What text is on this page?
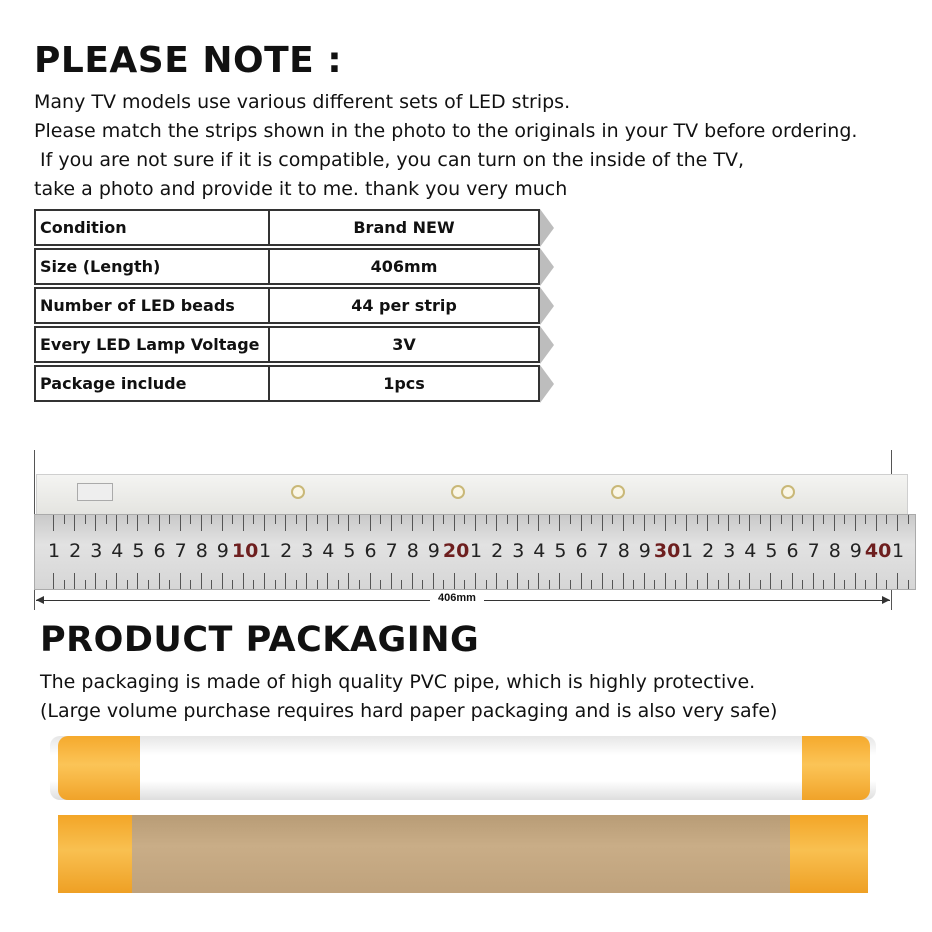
PLEASE NOTE :
Many TV models use various different sets of LED strips.
Please match the strips shown in the photo to the originals in your TV before ordering.
If you are not sure if it is compatible, you can turn on the inside of the TV,
take a photo and provide it to me. thank you very much
Condition	Brand NEW
Size (Length)	406mm
Number of LED beads	44 per strip
Every LED Lamp Voltage	3V
Package include	1pcs
1 2 3 4 5 6 7 8 9 10 1 2 3 4 5 6 7 8 9 20 1 2 3 4 5 6 7 8 9 30 1 2 3 4 5 6 7 8 9 40 1
406mm
PRODUCT PACKAGING
The packaging is made of high quality PVC pipe, which is highly protective.
(Large volume purchase requires hard paper packaging and is also very safe)
